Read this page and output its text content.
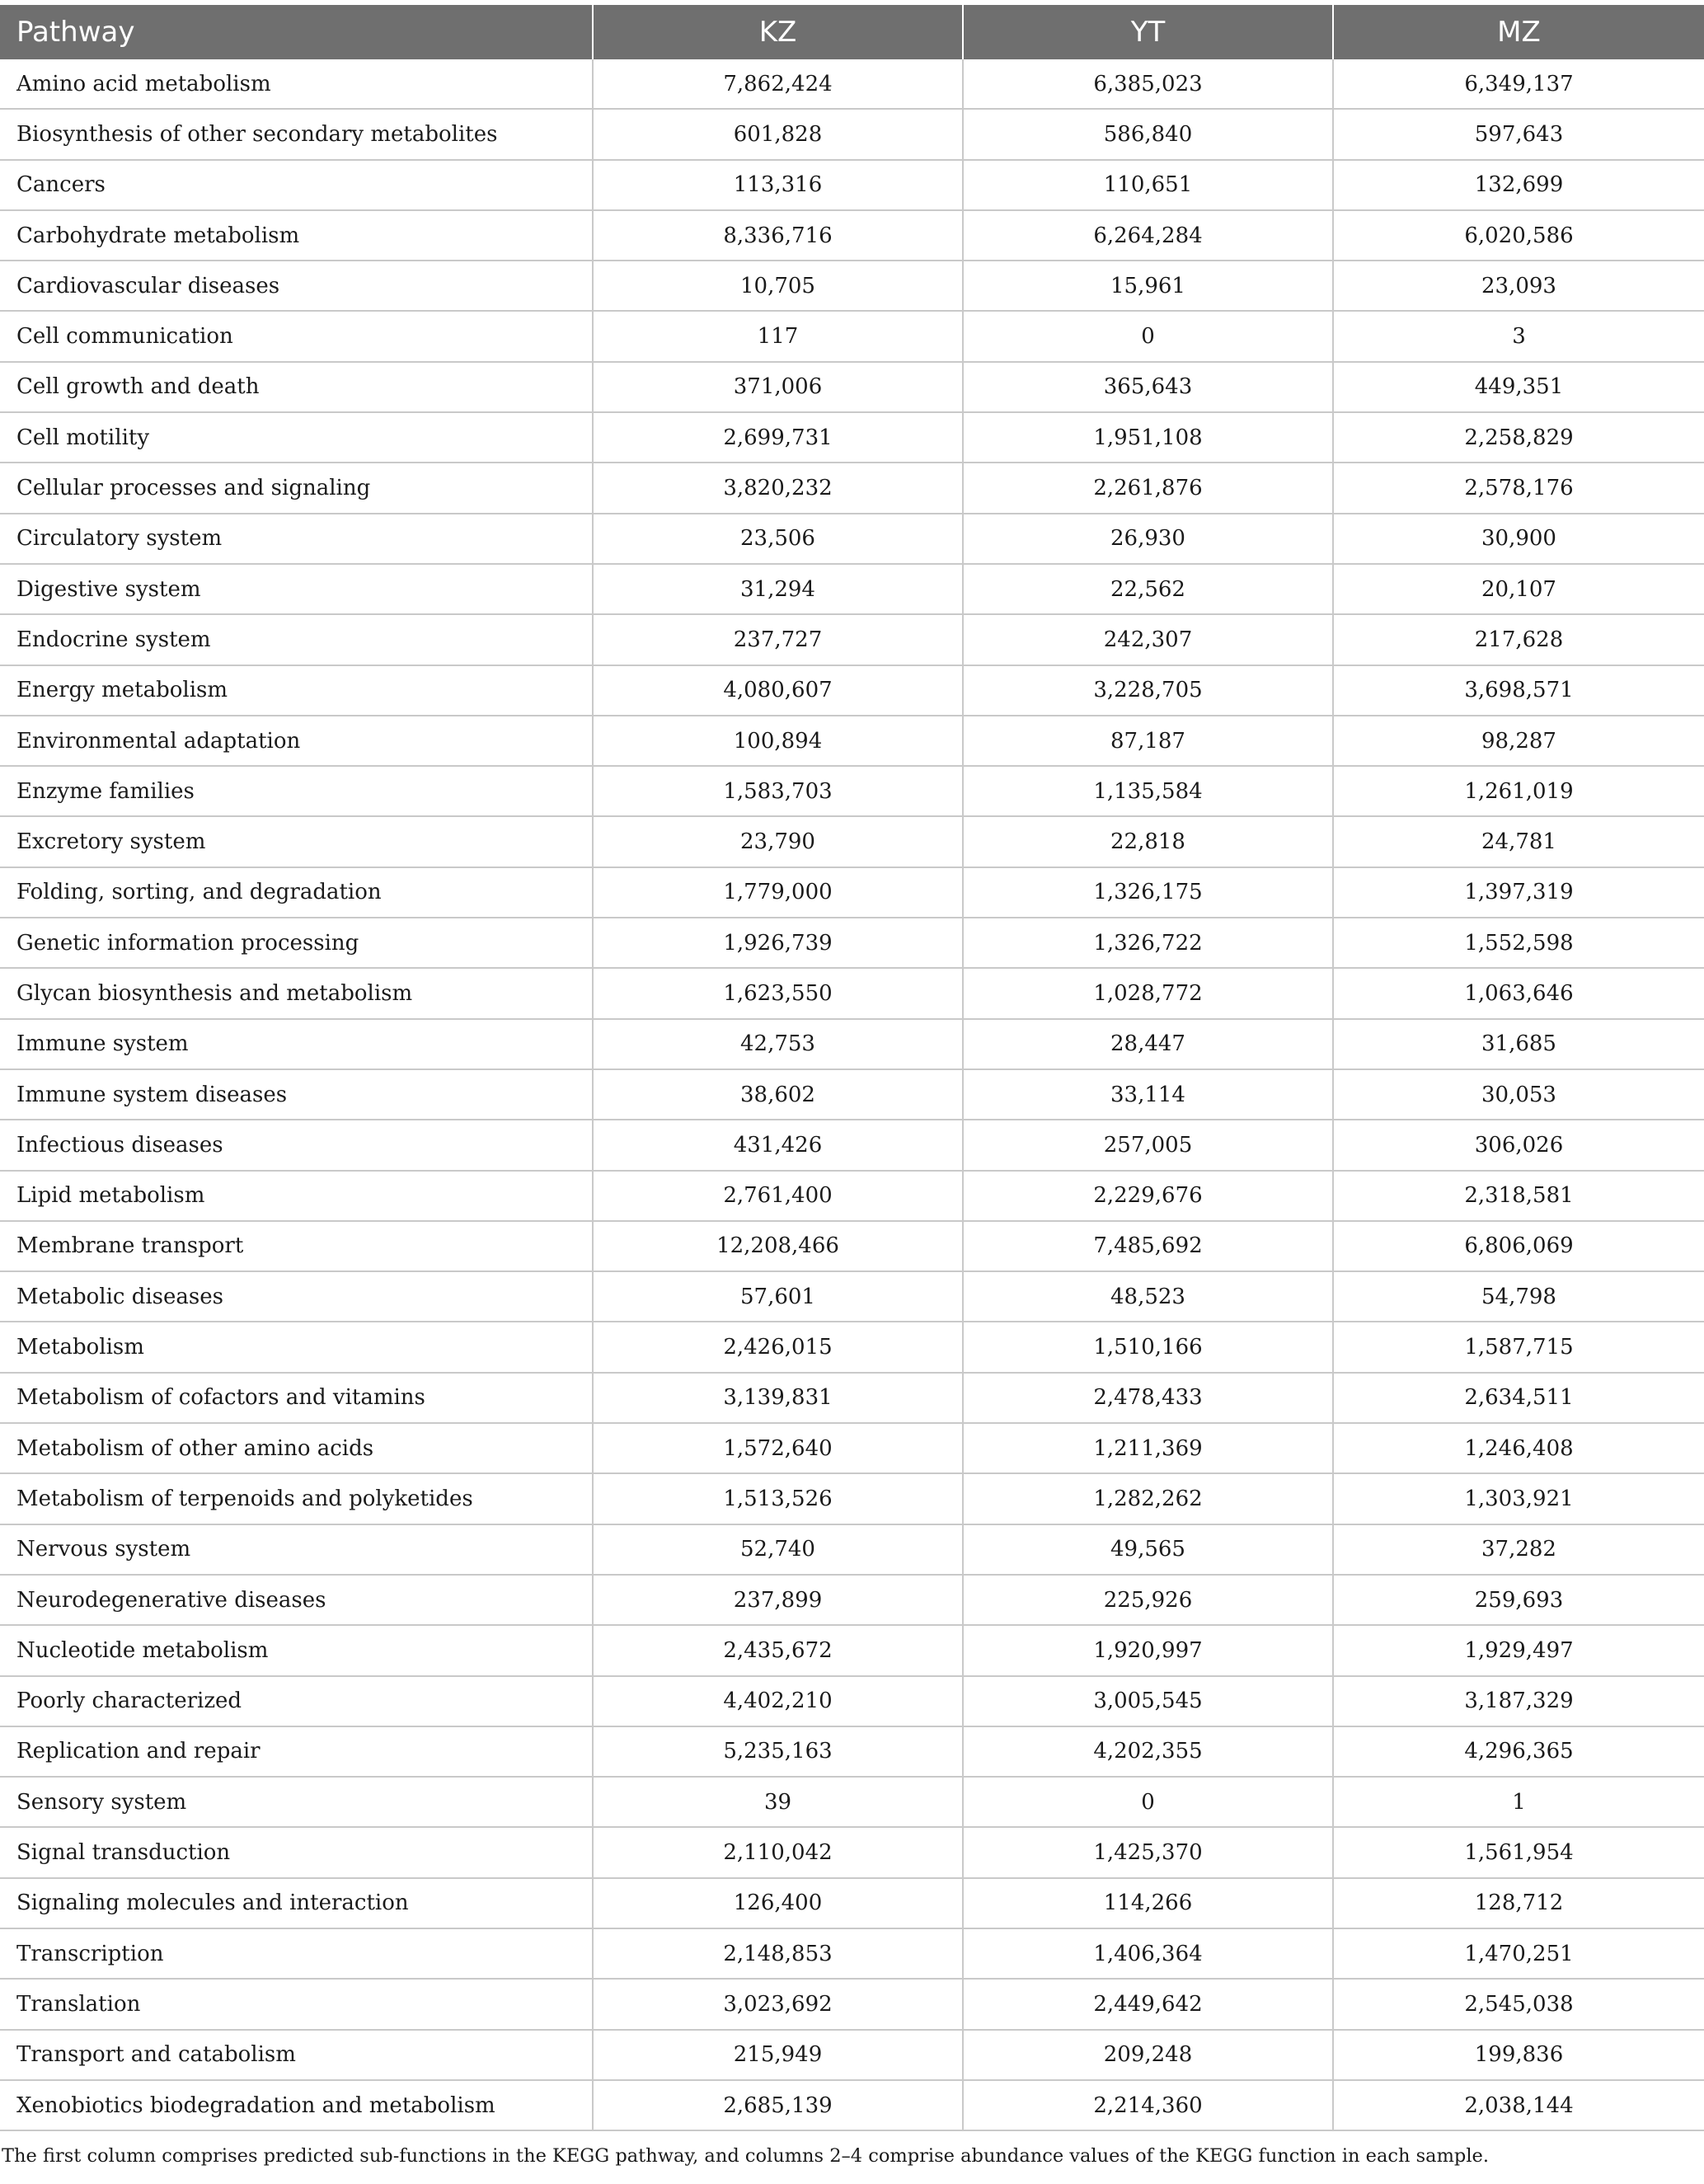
Pathway	KZ	YT	MZ
Amino acid metabolism	7,862,424	6,385,023	6,349,137
Biosynthesis of other secondary metabolites	601,828	586,840	597,643
Cancers	113,316	110,651	132,699
Carbohydrate metabolism	8,336,716	6,264,284	6,020,586
Cardiovascular diseases	10,705	15,961	23,093
Cell communication	117	0	3
Cell growth and death	371,006	365,643	449,351
Cell motility	2,699,731	1,951,108	2,258,829
Cellular processes and signaling	3,820,232	2,261,876	2,578,176
Circulatory system	23,506	26,930	30,900
Digestive system	31,294	22,562	20,107
Endocrine system	237,727	242,307	217,628
Energy metabolism	4,080,607	3,228,705	3,698,571
Environmental adaptation	100,894	87,187	98,287
Enzyme families	1,583,703	1,135,584	1,261,019
Excretory system	23,790	22,818	24,781
Folding, sorting, and degradation	1,779,000	1,326,175	1,397,319
Genetic information processing	1,926,739	1,326,722	1,552,598
Glycan biosynthesis and metabolism	1,623,550	1,028,772	1,063,646
Immune system	42,753	28,447	31,685
Immune system diseases	38,602	33,114	30,053
Infectious diseases	431,426	257,005	306,026
Lipid metabolism	2,761,400	2,229,676	2,318,581
Membrane transport	12,208,466	7,485,692	6,806,069
Metabolic diseases	57,601	48,523	54,798
Metabolism	2,426,015	1,510,166	1,587,715
Metabolism of cofactors and vitamins	3,139,831	2,478,433	2,634,511
Metabolism of other amino acids	1,572,640	1,211,369	1,246,408
Metabolism of terpenoids and polyketides	1,513,526	1,282,262	1,303,921
Nervous system	52,740	49,565	37,282
Neurodegenerative diseases	237,899	225,926	259,693
Nucleotide metabolism	2,435,672	1,920,997	1,929,497
Poorly characterized	4,402,210	3,005,545	3,187,329
Replication and repair	5,235,163	4,202,355	4,296,365
Sensory system	39	0	1
Signal transduction	2,110,042	1,425,370	1,561,954
Signaling molecules and interaction	126,400	114,266	128,712
Transcription	2,148,853	1,406,364	1,470,251
Translation	3,023,692	2,449,642	2,545,038
Transport and catabolism	215,949	209,248	199,836
Xenobiotics biodegradation and metabolism	2,685,139	2,214,360	2,038,144
The first column comprises predicted sub-functions in the KEGG pathway, and columns 2–4 comprise abundance values of the KEGG function in each sample.
